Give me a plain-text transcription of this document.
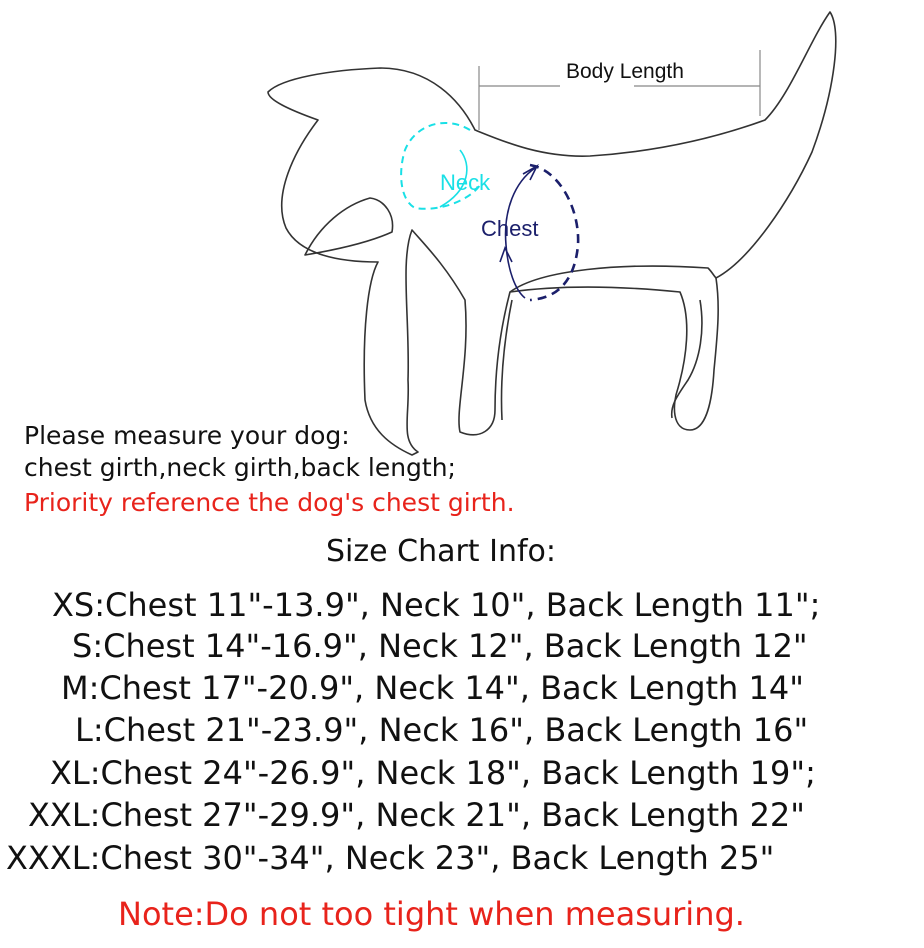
Body Length
Neck
Chest
Please measure your dog:
chest girth,neck girth,back length;
Priority reference the dog's chest girth.
Size Chart Info:
XS:Chest 11"-13.9", Neck 10", Back Length 11";
S:Chest 14"-16.9", Neck 12", Back Length 12"
M:Chest 17"-20.9", Neck 14", Back Length 14"
L:Chest 21"-23.9", Neck 16", Back Length 16"
XL:Chest 24"-26.9", Neck 18", Back Length 19";
XXL:Chest 27"-29.9", Neck 21", Back Length 22"
XXXL:Chest 30"-34", Neck 23", Back Length 25"
Note:Do not too tight when measuring.
